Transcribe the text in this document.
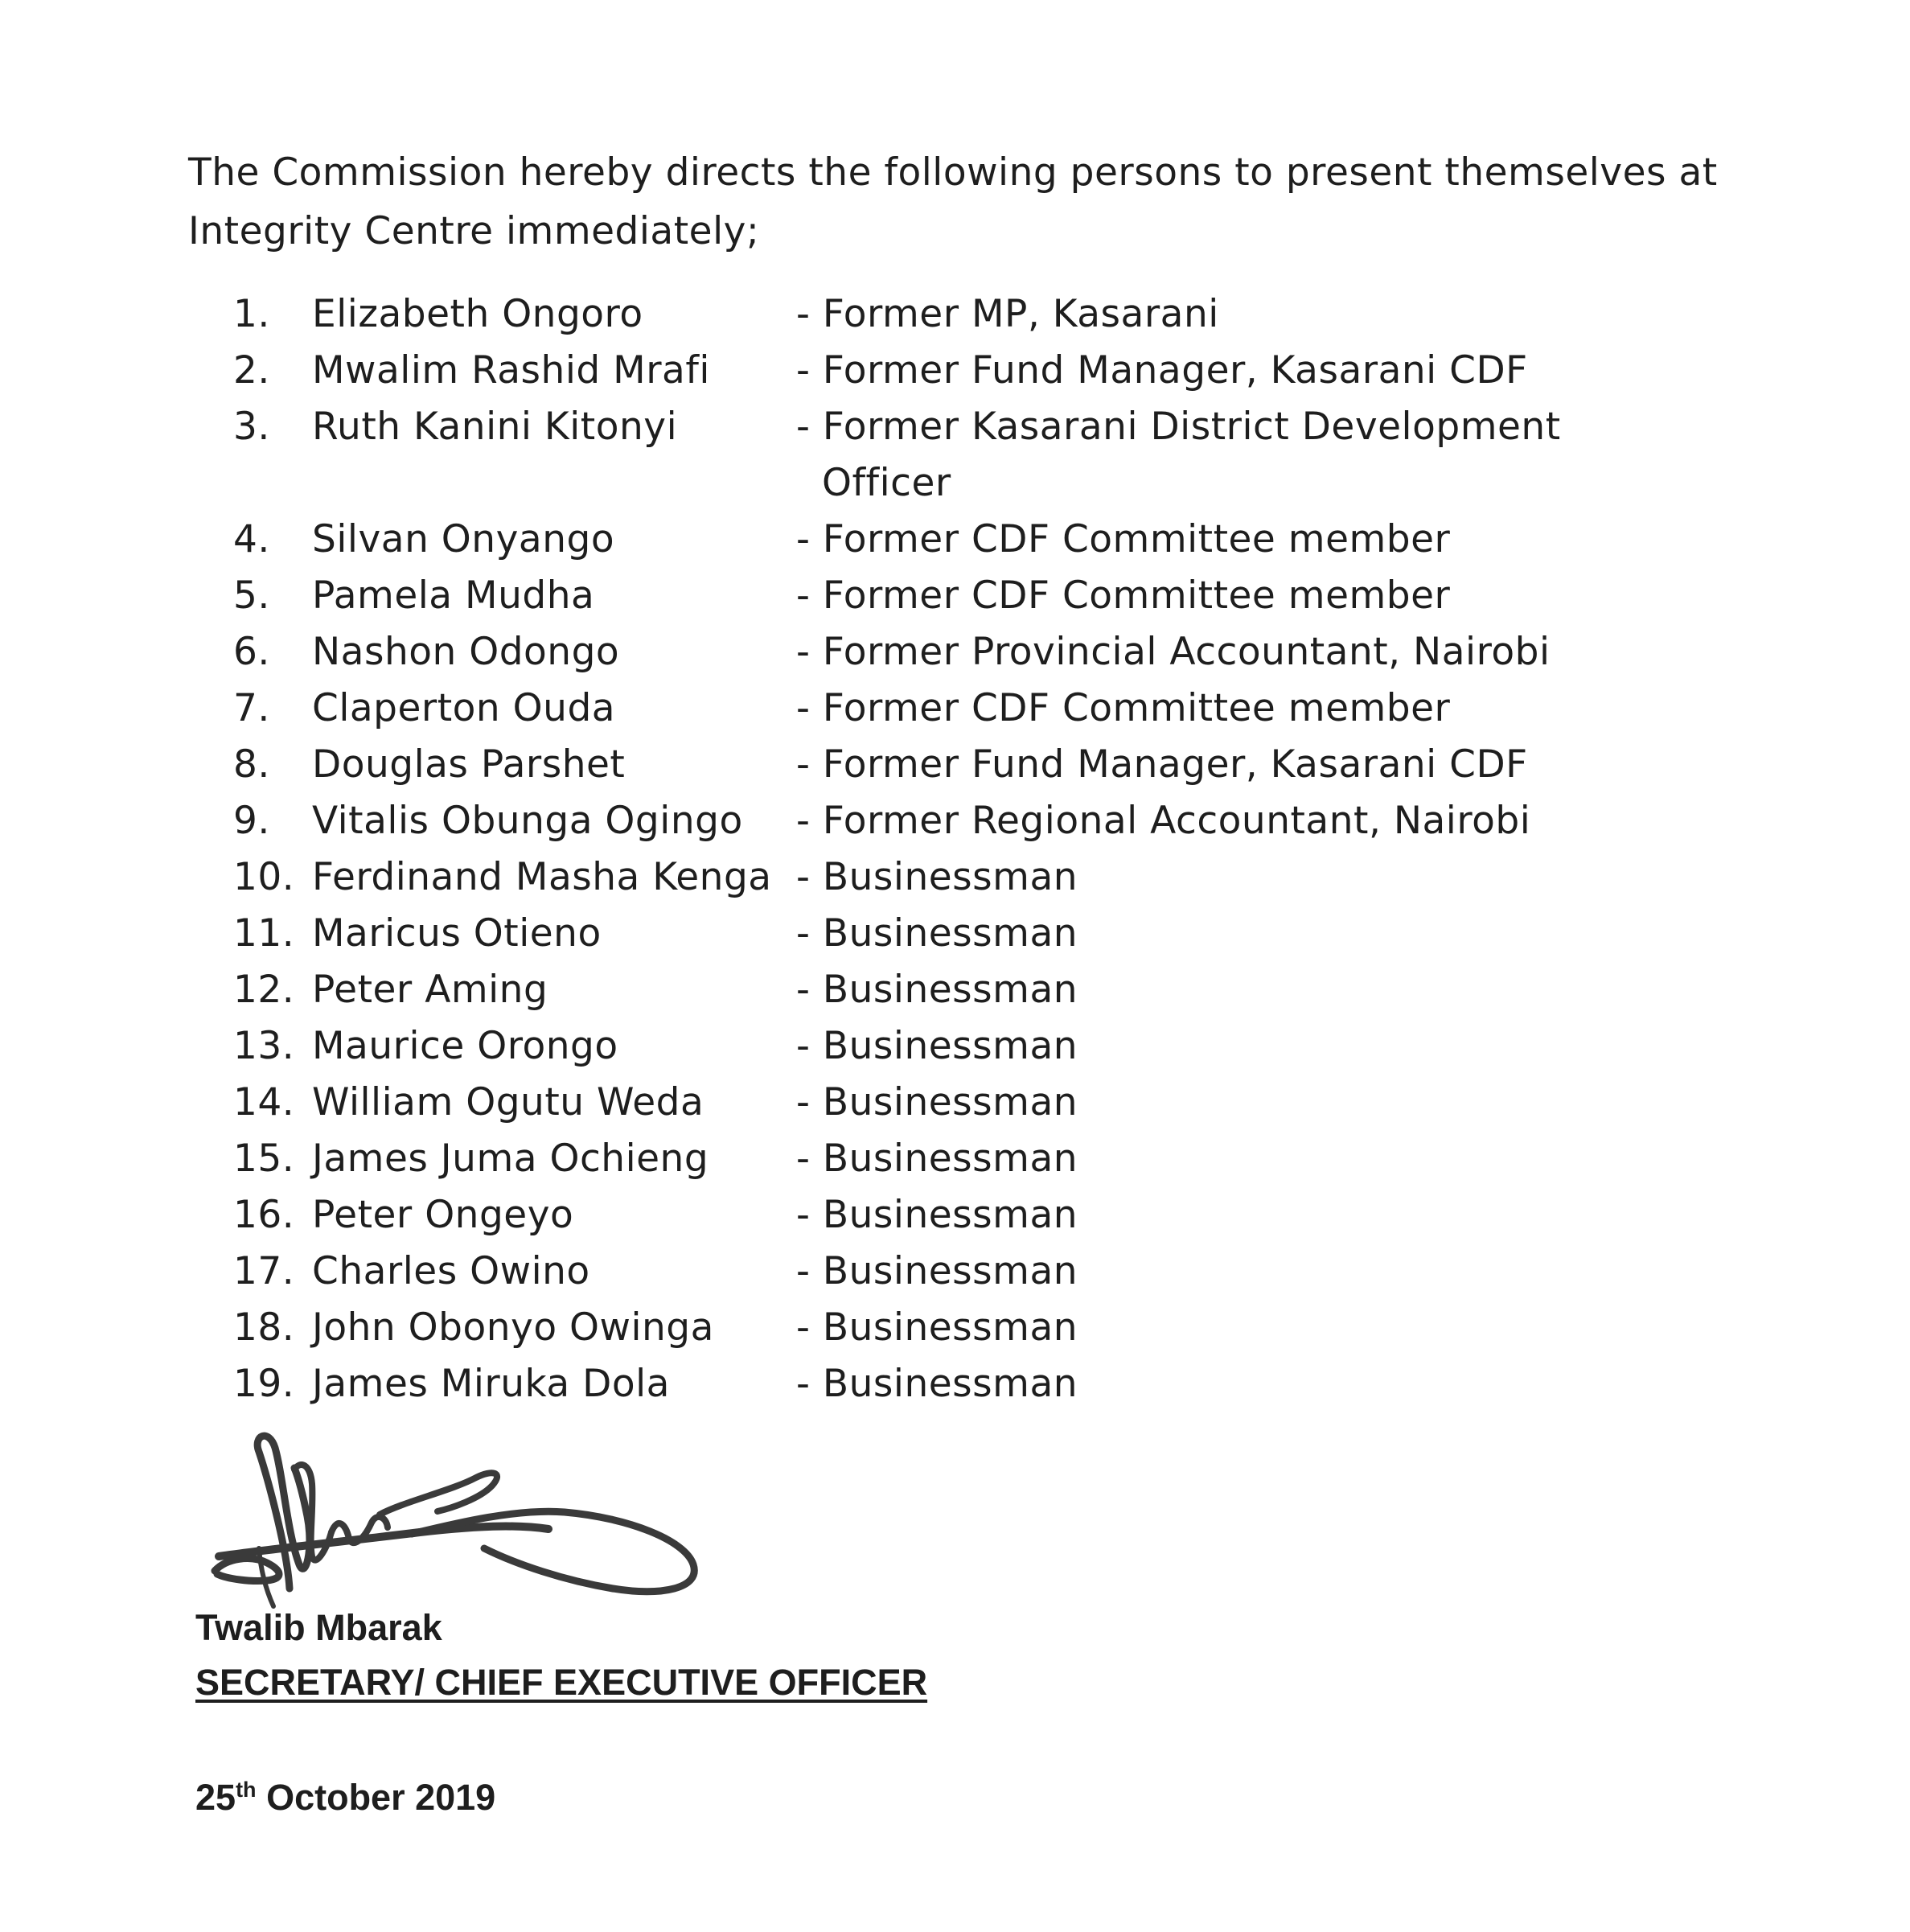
The Commission hereby directs the following persons to present themselves at Integrity Centre immediately;

1. Elizabeth Ongoro	- Former MP, Kasarani
2. Mwalim Rashid Mrafi - Former Fund Manager, Kasarani CDF
3. Ruth Kanini Kitonyi	- Former Kasarani District Development Officer
4. Silvan Onyango	- Former CDF Committee member
5. Pamela Mudha	- Former CDF Committee member
6. Nashon Odongo	- Former Provincial Accountant, Nairobi
7. Claperton Ouda	- Former CDF Committee member
8. Douglas Parshet	- Former Fund Manager, Kasarani CDF
9. Vitalis Obunga Ogingo - Former Regional Accountant, Nairobi
10. Ferdinand Masha Kenga - Businessman
11. Maricus Otieno	- Businessman
12. Peter Aming	- Businessman
13. Maurice Orongo	- Businessman
14. William Ogutu Weda - Businessman
15. James Juma Ochieng - Businessman
16. Peter Ongeyo	- Businessman
17. Charles Owino	- Businessman
18. John Obonyo Owinga - Businessman
19. James Miruka Dola	- Businessman

Twalib Mbarak

SECRETARY/ CHIEF EXECUTIVE OFFICER

25th October 2019
